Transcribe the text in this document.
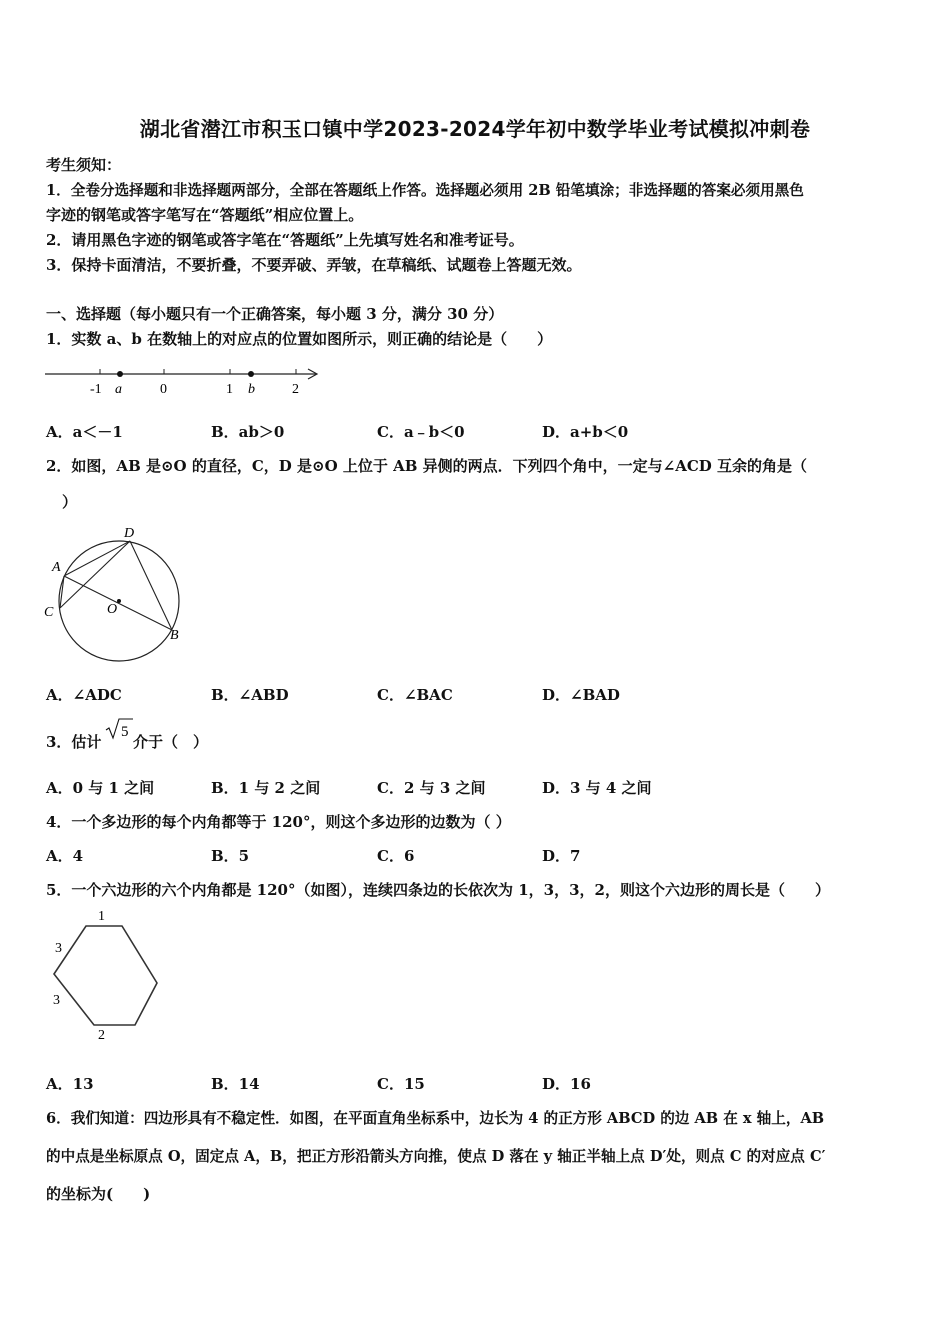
湖北省潜江市积玉口镇中学2023-2024学年初中数学毕业考试模拟冲刺卷
考生须知：
1．全卷分选择题和非选择题两部分，全部在答题纸上作答。选择题必须用 2B 铅笔填涂；非选择题的答案必须用黑色
字迹的钢笔或答字笔写在“答题纸”相应位置上。
2．请用黑色字迹的钢笔或答字笔在“答题纸”上先填写姓名和准考证号。
3．保持卡面清洁，不要折叠，不要弄破、弄皱，在草稿纸、试题卷上答题无效。
一、选择题（每小题只有一个正确答案，每小题 3 分，满分 30 分）
1．实数 a、b 在数轴上的对应点的位置如图所示，则正确的结论是（　　）
-1 a	0	1 b	2
A．a＜－1	B．ab＞0	C．a﹣b＜0	D．a+b＜0
2．如图，AB 是⊙O 的直径，C，D 是⊙O 上位于 AB 异侧的两点．下列四个角中，一定与∠ACD 互余的角是（
）
A
D
C	O
B
A．∠ADC	B．∠ABD	C．∠BAC	D．∠BAD
3．估计
5
介于（　）
A．0 与 1 之间	B．1 与 2 之间	C．2 与 3 之间	D．3 与 4 之间
4．一个多边形的每个内角都等于 120°，则这个多边形的边数为（ ）
A．4	B．5	C．6	D．7
5．一个六边形的六个内角都是 120°（如图），连续四条边的长依次为 1，3，3，2，则这个六边形的周长是（　　）
1
3
3
2
A．13	B．14	C．15	D．16
6．我们知道：四边形具有不稳定性．如图，在平面直角坐标系中，边长为 4 的正方形 ABCD 的边 AB 在 x 轴上，AB
的中点是坐标原点 O，固定点 A，B，把正方形沿箭头方向推，使点 D 落在 y 轴正半轴上点 D′处，则点 C 的对应点 C′
的坐标为(　　)
